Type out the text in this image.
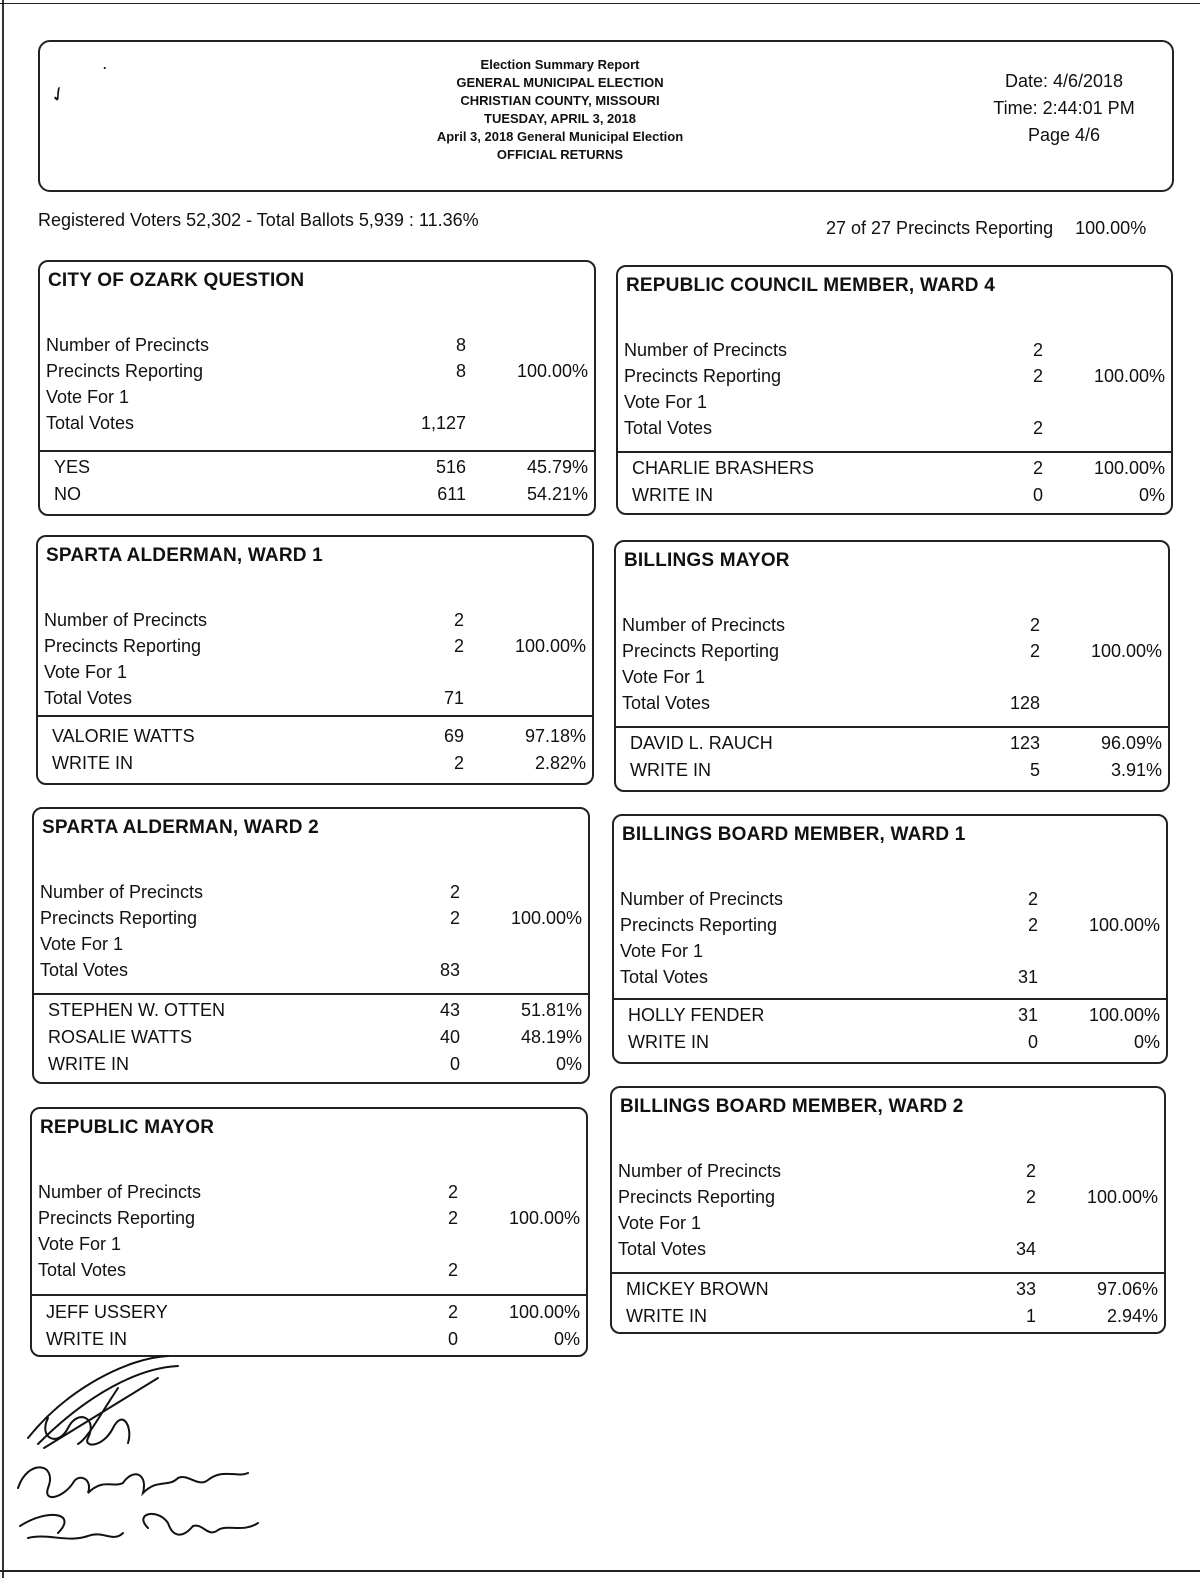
․
✓
Election Summary Report
GENERAL MUNICIPAL ELECTION
CHRISTIAN COUNTY, MISSOURI
TUESDAY, APRIL 3, 2018
April 3, 2018 General Municipal Election
OFFICIAL RETURNS
Date: 4/6/2018
Time: 2:44:01 PM
Page 4/6
Registered Voters 52,302 - Total Ballots 5,939 : 11.36%	27 of 27 Precincts Reporting 100.00%
CITY OF OZARK QUESTION
Number of Precincts	8
Precincts Reporting	8	100.00%
Vote For 1
Total Votes	1,127
YES	516	45.79%
NO	611	54.21%
SPARTA ALDERMAN, WARD 1
Number of Precincts	2
Precincts Reporting	2	100.00%
Vote For 1
Total Votes	71
VALORIE WATTS	69	97.18%
WRITE IN	2	2.82%
SPARTA ALDERMAN, WARD 2
Number of Precincts	2
Precincts Reporting	2	100.00%
Vote For 1
Total Votes	83
STEPHEN W. OTTEN	43	51.81%
ROSALIE WATTS	40	48.19%
WRITE IN	0	0%
REPUBLIC MAYOR
Number of Precincts	2
Precincts Reporting	2	100.00%
Vote For 1
Total Votes	2
JEFF USSERY	2	100.00%
WRITE IN	0	0%
REPUBLIC COUNCIL MEMBER, WARD 4
Number of Precincts	2
Precincts Reporting	2	100.00%
Vote For 1
Total Votes	2
CHARLIE BRASHERS	2	100.00%
WRITE IN	0	0%
BILLINGS MAYOR
Number of Precincts	2
Precincts Reporting	2	100.00%
Vote For 1
Total Votes	128
DAVID L. RAUCH	123	96.09%
WRITE IN	5	3.91%
BILLINGS BOARD MEMBER, WARD 1
Number of Precincts	2
Precincts Reporting	2	100.00%
Vote For 1
Total Votes	31
HOLLY FENDER	31	100.00%
WRITE IN	0	0%
BILLINGS BOARD MEMBER, WARD 2
Number of Precincts	2
Precincts Reporting	2	100.00%
Vote For 1
Total Votes	34
MICKEY BROWN	33	97.06%
WRITE IN	1	2.94%
